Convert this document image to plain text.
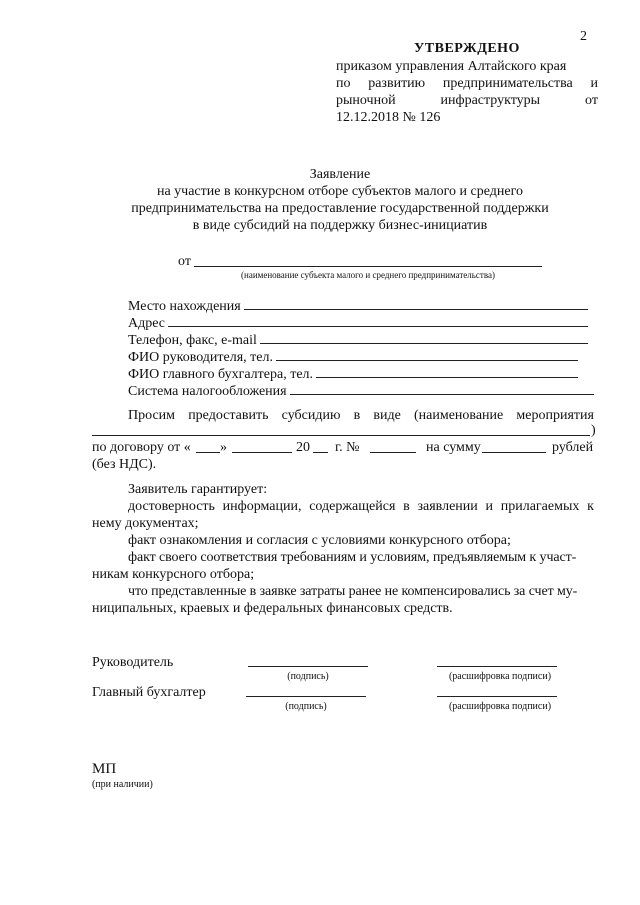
2
УТВЕРЖДЕНО
приказом управления Алтайского края
по развитию предпринимательства и
рыночной	инфраструктуры	от
12.12.2018 № 126
Заявление
на участие в конкурсном отборе субъектов малого и среднего
предпринимательства на предоставление государственной поддержки
в виде субсидий на поддержку бизнес-инициатив
от
(наименование субъекта малого и среднего предпринимательства)
Место нахождения
Адрес
Телефон, факс, e-mail
ФИО руководителя, тел.
ФИО главного бухгалтера, тел.
Система налогообложения
Просим предоставить субсидию в виде (наименование мероприятия
)
по договору от « »	20 г. №	на сумму	рублей
(без НДС).
Заявитель гарантирует:
достоверность информации, содержащейся в заявлении и прилагаемых к
нему документах;
факт ознакомления и согласия с условиями конкурсного отбора;
факт своего соответствия требованиям и условиям, предъявляемым к участ-
никам конкурсного отбора;
что представленные в заявке затраты ранее не компенсировались за счет му-
ниципальных, краевых и федеральных финансовых средств.
Руководитель
(подпись)	(расшифровка подписи)
Главный бухгалтер
(подпись)	(расшифровка подписи)
МП
(при наличии)
